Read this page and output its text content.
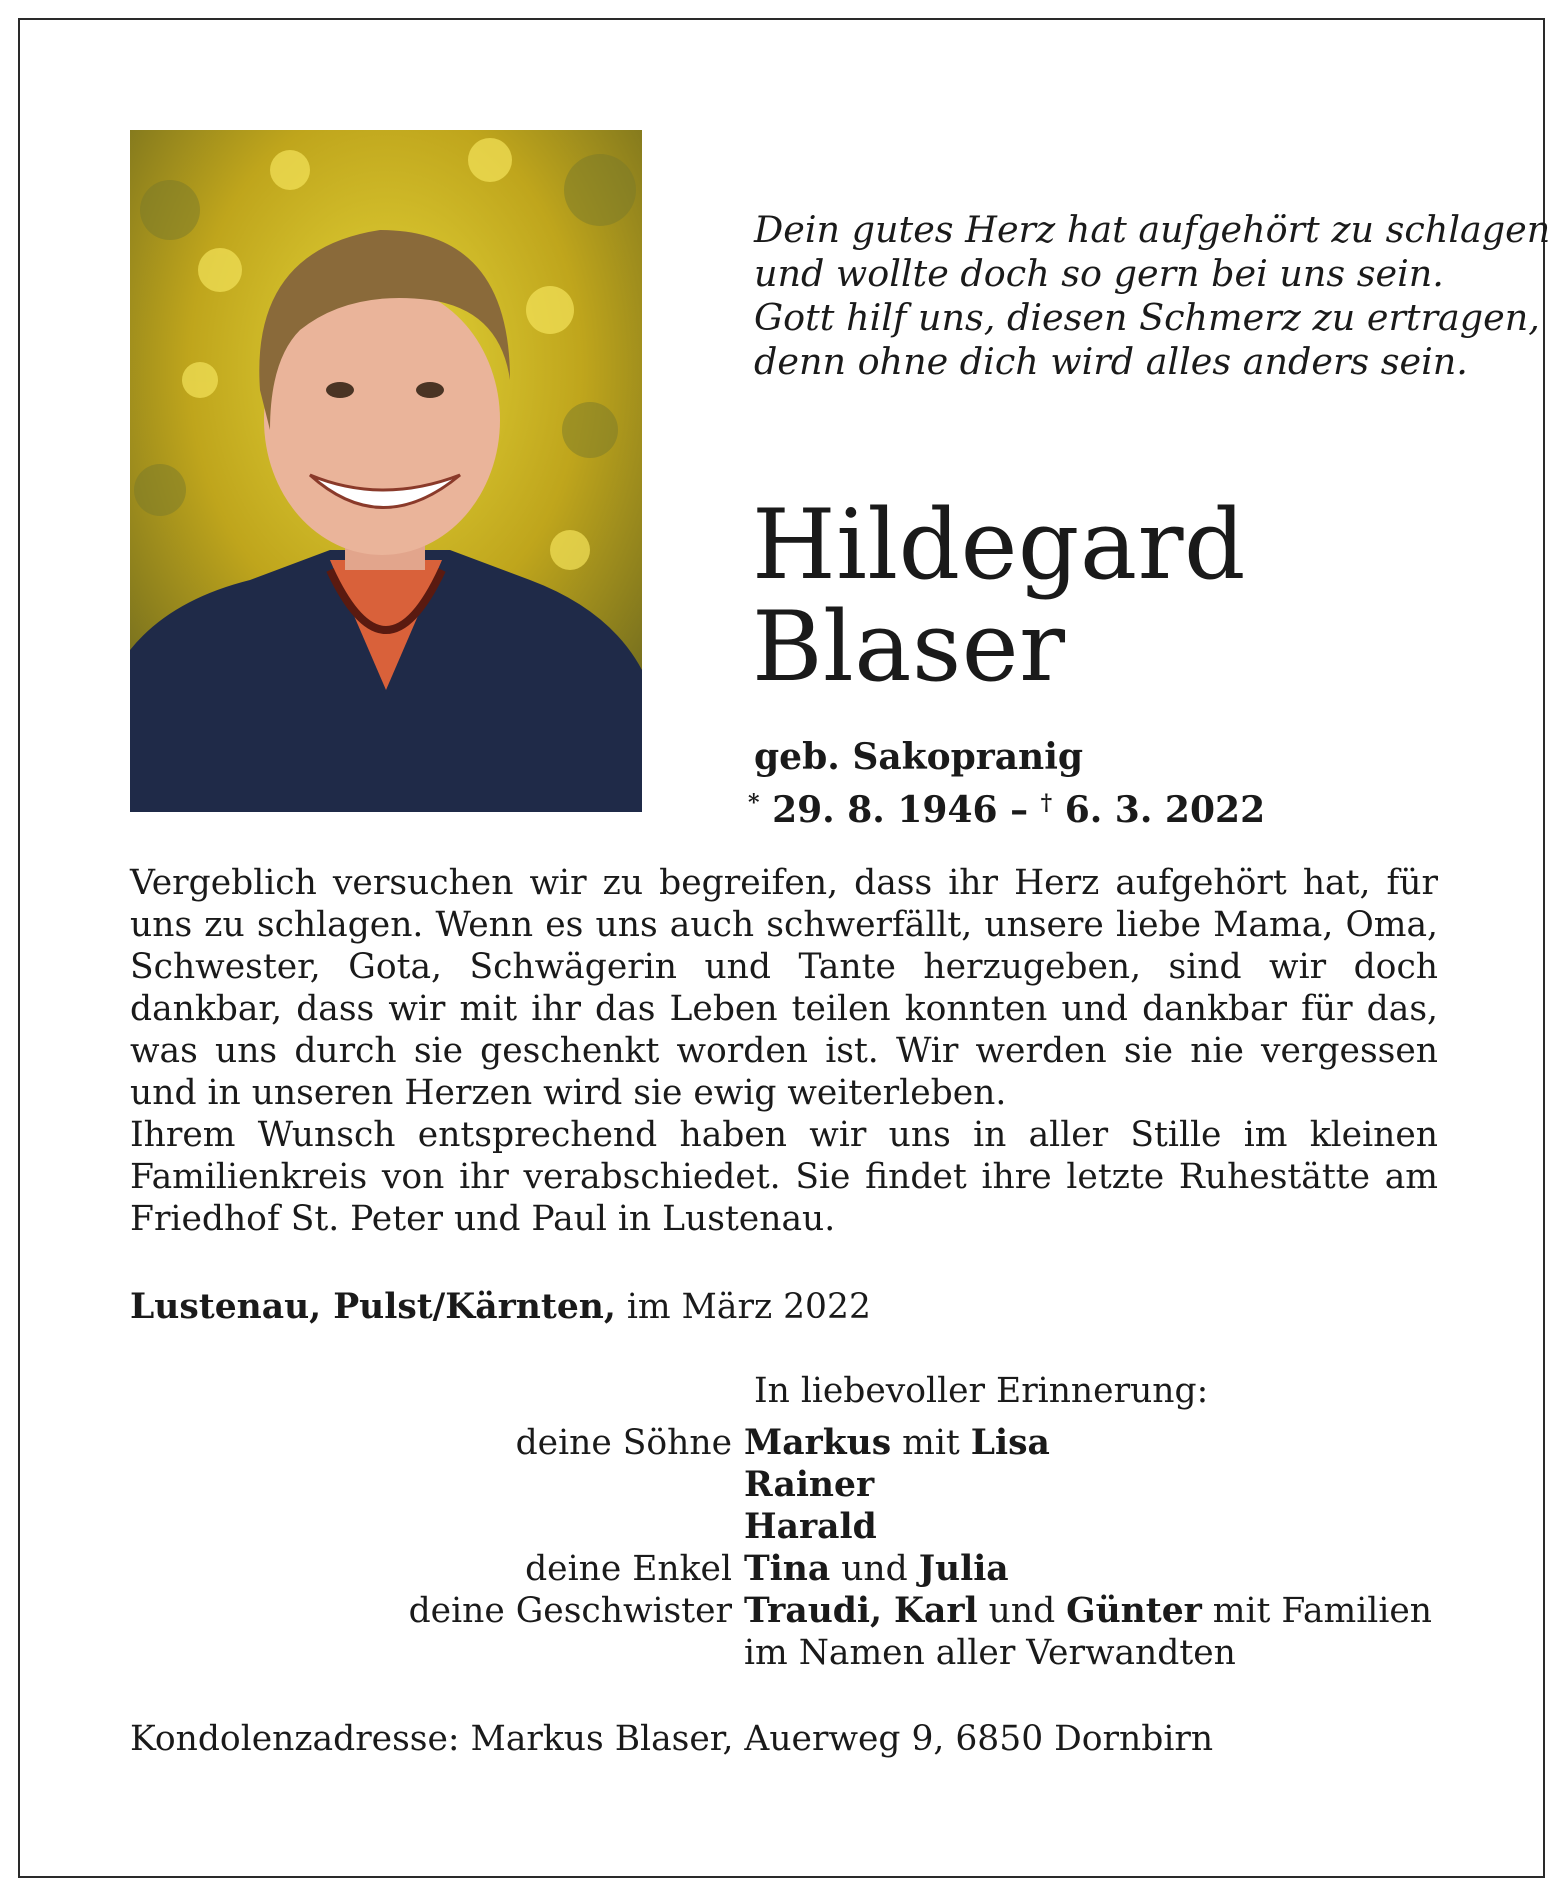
Dein gutes Herz hat aufgehört zu schlagen
und wollte doch so gern bei uns sein.
Gott hilf uns, diesen Schmerz zu ertragen,
denn ohne dich wird alles anders sein.
Hildegard
Blaser
geb. Sakopranig
* 29. 8. 1946 – † 6. 3. 2022

Vergeblich versuchen wir zu begreifen, dass ihr Herz aufgehört hat, für uns zu schlagen. Wenn es uns auch schwerfällt, unsere liebe Mama, Oma, Schwester, Gota, Schwägerin und Tante herzugeben, sind wir doch dankbar, dass wir mit ihr das Leben teilen konnten und dankbar für das, was uns durch sie geschenkt worden ist. Wir werden sie nie vergessen und in unseren Herzen wird sie ewig weiterleben.

Ihrem Wunsch entsprechend haben wir uns in aller Stille im kleinen Familienkreis von ihr verabschiedet. Sie findet ihre letzte Ruhestätte am Friedhof St. Peter und Paul in Lustenau.

Lustenau, Pulst/Kärnten, im März 2022
In liebevoller Erinnerung:
deine Söhne Markus mit Lisa
Rainer
Harald
deine Enkel Tina und Julia
deine Geschwister Traudi, Karl und Günter mit Familien
im Namen aller Verwandten
Kondolenzadresse: Markus Blaser, Auerweg 9, 6850 Dornbirn
